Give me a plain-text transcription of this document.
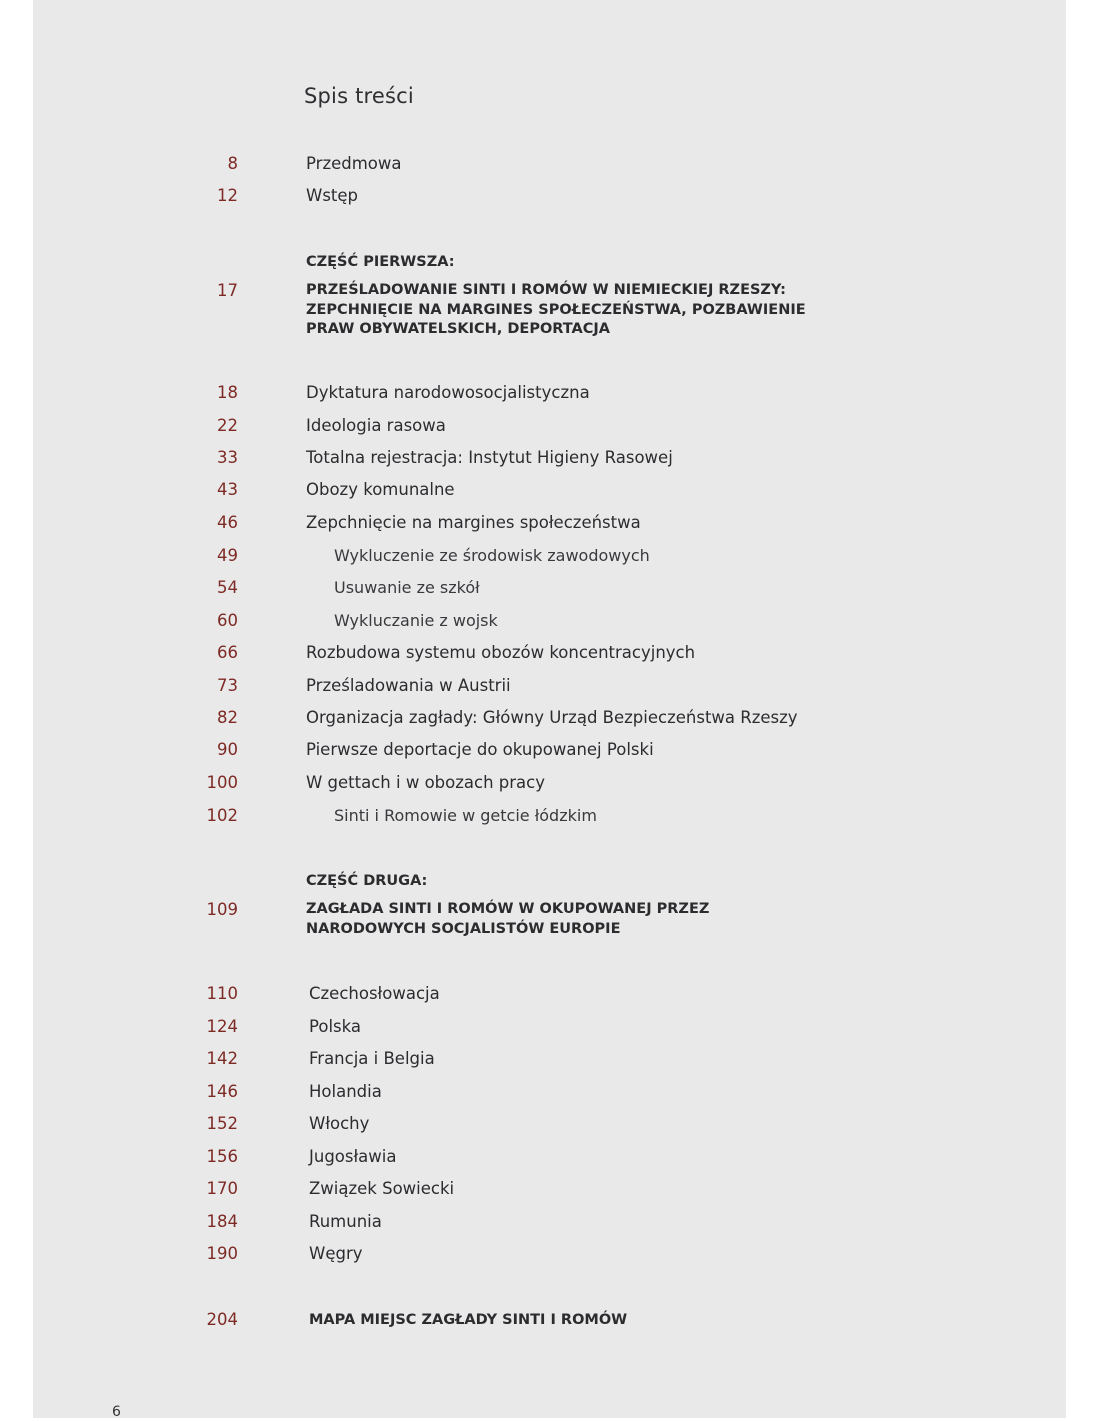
Spis treści
8	Przedmowa
12	Wstęp
CZĘŚĆ PIERWSZA:
17	PRZEŚLADOWANIE SINTI I ROMÓW W NIEMIECKIEJ RZESZY: ZEPCHNIĘCIE NA MARGINES SPOŁECZEŃSTWA, POZBAWIENIE PRAW OBYWATELSKICH, DEPORTACJA
18	Dyktatura narodowosocjalistyczna
22	Ideologia rasowa
33	Totalna rejestracja: Instytut Higieny Rasowej
43	Obozy komunalne
46	Zepchnięcie na margines społeczeństwa
49	Wykluczenie ze środowisk zawodowych
54	Usuwanie ze szkół
60	Wykluczanie z wojsk
66	Rozbudowa systemu obozów koncentracyjnych
73	Prześladowania w Austrii
82	Organizacja zagłady: Główny Urząd Bezpieczeństwa Rzeszy
90	Pierwsze deportacje do okupowanej Polski
100	W gettach i w obozach pracy
102	Sinti i Romowie w getcie łódzkim
CZĘŚĆ DRUGA:
109	ZAGŁADA SINTI I ROMÓW W OKUPOWANEJ PRZEZ NARODOWYCH SOCJALISTÓW EUROPIE
110	Czechosłowacja
124	Polska
142	Francja i Belgia
146	Holandia
152	Włochy
156	Jugosławia
170	Związek Sowiecki
184	Rumunia
190	Węgry
204	MAPA MIEJSC ZAGŁADY SINTI I ROMÓW
6
